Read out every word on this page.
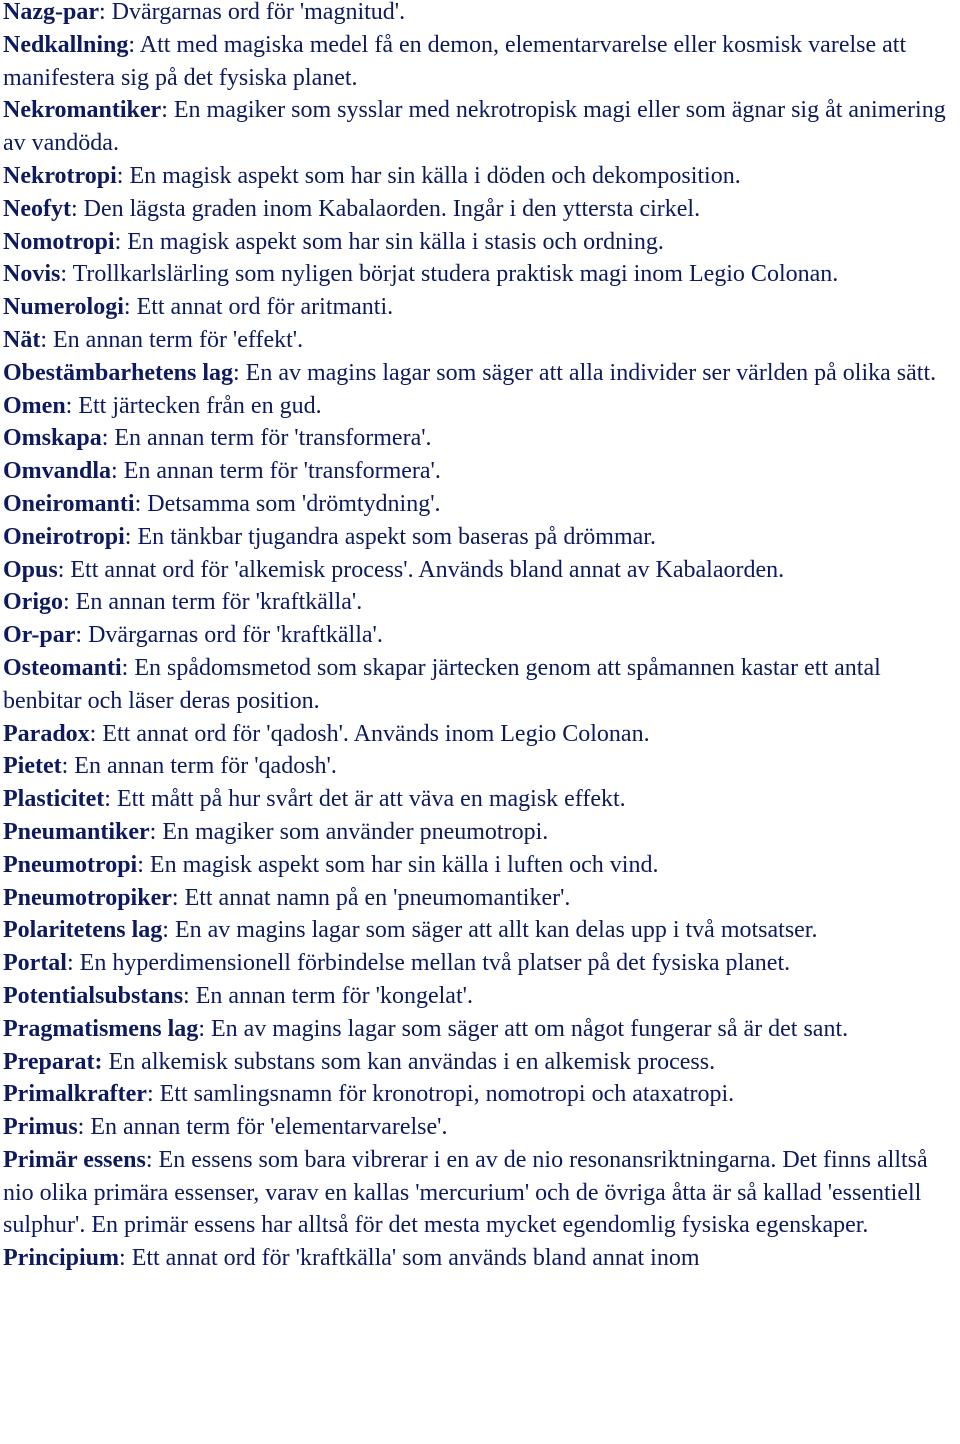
Nazg-par: Dvärgarnas ord för 'magnitud'.

Nedkallning: Att med magiska medel få en demon, elementarvarelse eller kosmisk varelse att manifestera sig på det fysiska planet.

Nekromantiker: En magiker som sysslar med nekrotropisk magi eller som ägnar sig åt animering av vandöda.

Nekrotropi: En magisk aspekt som har sin källa i döden och dekomposition.

Neofyt: Den lägsta graden inom Kabalaorden. Ingår i den yttersta cirkel.

Nomotropi: En magisk aspekt som har sin källa i stasis och ordning.

Novis: Trollkarlslärling som nyligen börjat studera praktisk magi inom Legio Colonan.

Numerologi: Ett annat ord för aritmanti.

Nät: En annan term för 'effekt'.

Obestämbarhetens lag: En av magins lagar som säger att alla individer ser världen på olika sätt.

Omen: Ett järtecken från en gud.

Omskapa: En annan term för 'transformera'.

Omvandla: En annan term för 'transformera'.

Oneiromanti: Detsamma som 'drömtydning'.

Oneirotropi: En tänkbar tjugandra aspekt som baseras på drömmar.

Opus: Ett annat ord för 'alkemisk process'. Används bland annat av Kabalaorden.

Origo: En annan term för 'kraftkälla'.

Or-par: Dvärgarnas ord för 'kraftkälla'.

Osteomanti: En spådomsmetod som skapar järtecken genom att spåmannen kastar ett antal benbitar och läser deras position.

Paradox: Ett annat ord för 'qadosh'. Används inom Legio Colonan.

Pietet: En annan term för 'qadosh'.

Plasticitet: Ett mått på hur svårt det är att väva en magisk effekt.

Pneumantiker: En magiker som använder pneumotropi.

Pneumotropi: En magisk aspekt som har sin källa i luften och vind.

Pneumotropiker: Ett annat namn på en 'pneumomantiker'.

Polaritetens lag: En av magins lagar som säger att allt kan delas upp i två motsatser.

Portal: En hyperdimensionell förbindelse mellan två platser på det fysiska planet.

Potentialsubstans: En annan term för 'kongelat'.

Pragmatismens lag: En av magins lagar som säger att om något fungerar så är det sant.

Preparat: En alkemisk substans som kan användas i en alkemisk process.

Primalkrafter: Ett samlingsnamn för kronotropi, nomotropi och ataxatropi.

Primus: En annan term för 'elementarvarelse'.

Primär essens: En essens som bara vibrerar i en av de nio resonansriktningarna. Det finns alltså nio olika primära essenser, varav en kallas 'mercurium' och de övriga åtta är så kallad 'essentiell sulphur'. En primär essens har alltså för det mesta mycket egendomlig fysiska egenskaper.

Principium: Ett annat ord för 'kraftkälla' som används bland annat inom
